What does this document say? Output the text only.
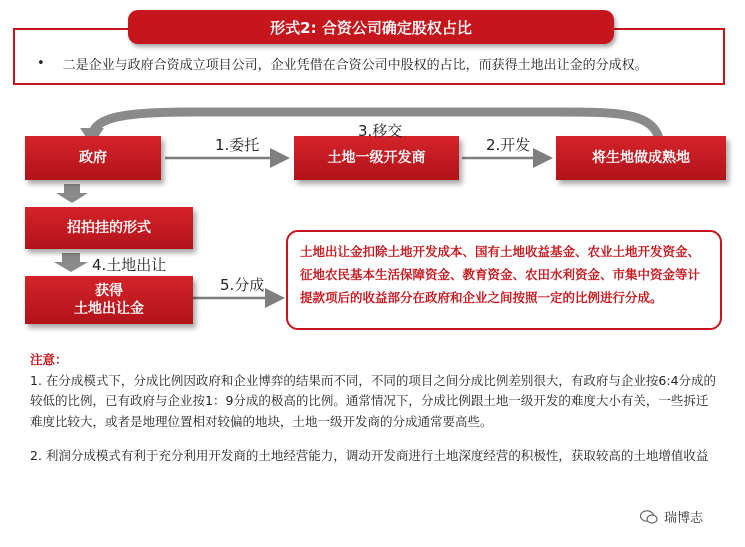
• 二是企业与政府合资成立项目公司，企业凭借在合资公司中股权的占比，而获得土地出让金的分成权。
形式2: 合资公司确定股权占比
政府	土地一级开发商	将生地做成熟地
招拍挂的形式
获得
土地出让金
1.委托
3.移交
2.开发
4.土地出让
5.分成
土地出让金扣除土地开发成本、国有土地收益基金、农业土地开发资金、征地农民基本生活保障资金、教育资金、农田水利资金、市集中资金等计提款项后的收益部分在政府和企业之间按照一定的比例进行分成。

注意：

1. 在分成模式下，分成比例因政府和企业博弈的结果而不同，不同的项目之间分成比例差别很大，有政府与企业按6:4分成的较低的比例，已有政府与企业按1：9分成的极高的比例。通常情况下，分成比例跟土地一级开发的难度大小有关，一些拆迁难度比较大，或者是地理位置相对较偏的地块，土地一级开发商的分成通常要高些。

2. 利润分成模式有利于充分利用开发商的土地经营能力，调动开发商进行土地深度经营的积极性，获取较高的土地增值收益

瑞博志
